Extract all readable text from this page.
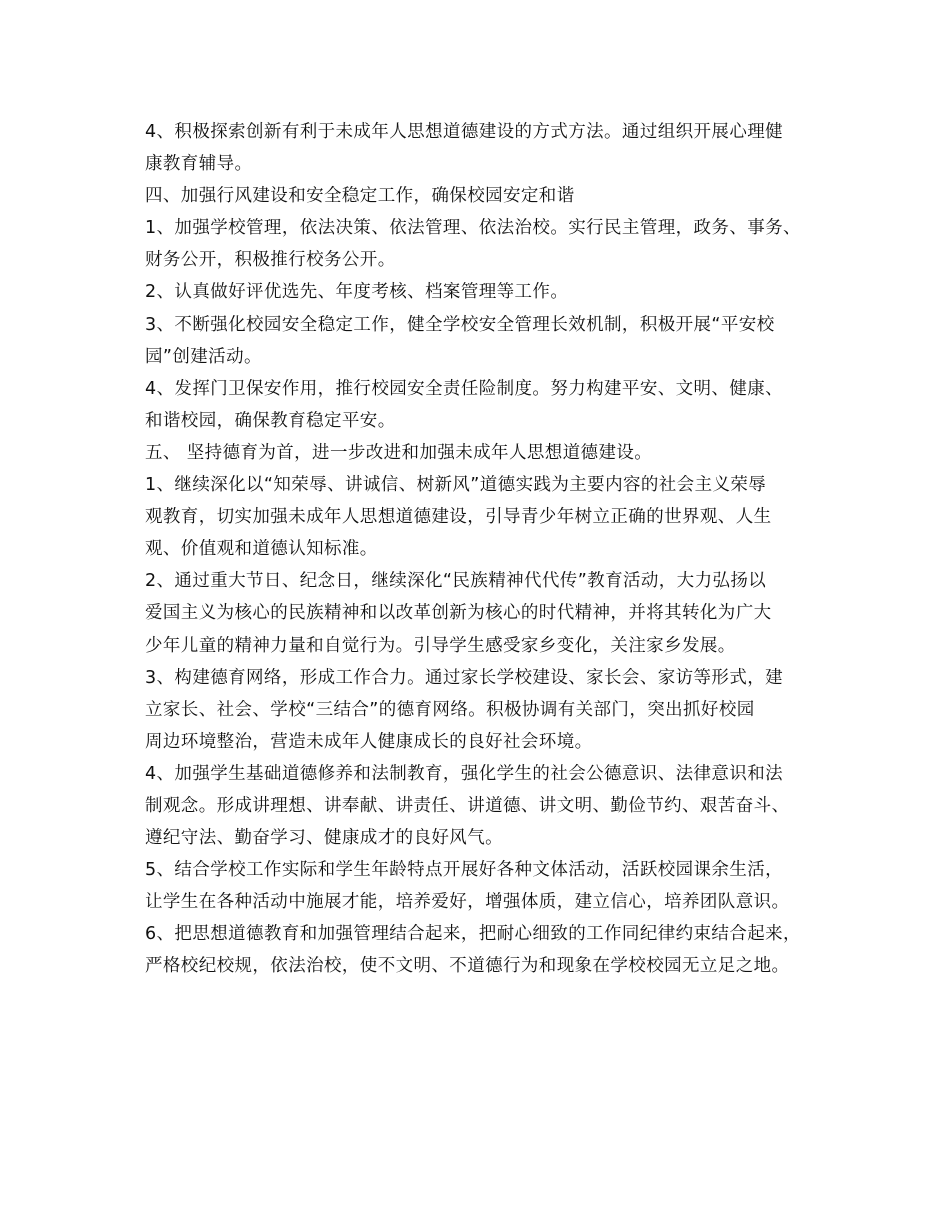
4、积极探索创新有利于未成年人思想道德建设的方式方法。通过组织开展心理健
康教育辅导。
四、加强行风建设和安全稳定工作，确保校园安定和谐
1、加强学校管理，依法决策、依法管理、依法治校。实行民主管理，政务、事务、
财务公开，积极推行校务公开。
2、认真做好评优选先、年度考核、档案管理等工作。
3、不断强化校园安全稳定工作，健全学校安全管理长效机制，积极开展“平安校
园”创建活动。
4、发挥门卫保安作用，推行校园安全责任险制度。努力构建平安、文明、健康、
和谐校园，确保教育稳定平安。
五、 坚持德育为首，进一步改进和加强未成年人思想道德建设。
1、继续深化以“知荣辱、讲诚信、树新风”道德实践为主要内容的社会主义荣辱
观教育，切实加强未成年人思想道德建设，引导青少年树立正确的世界观、人生
观、价值观和道德认知标准。
2、通过重大节日、纪念日，继续深化“民族精神代代传”教育活动，大力弘扬以
爱国主义为核心的民族精神和以改革创新为核心的时代精神，并将其转化为广大
少年儿童的精神力量和自觉行为。引导学生感受家乡变化，关注家乡发展。
3、构建德育网络，形成工作合力。通过家长学校建设、家长会、家访等形式，建
立家长、社会、学校“三结合”的德育网络。积极协调有关部门，突出抓好校园
周边环境整治，营造未成年人健康成长的良好社会环境。
4、加强学生基础道德修养和法制教育，强化学生的社会公德意识、法律意识和法
制观念。形成讲理想、讲奉献、讲责任、讲道德、讲文明、勤俭节约、艰苦奋斗、
遵纪守法、勤奋学习、健康成才的良好风气。
5、结合学校工作实际和学生年龄特点开展好各种文体活动，活跃校园课余生活，
让学生在各种活动中施展才能，培养爱好，增强体质，建立信心，培养团队意识。
6、把思想道德教育和加强管理结合起来，把耐心细致的工作同纪律约束结合起来，
严格校纪校规，依法治校，使不文明、不道德行为和现象在学校校园无立足之地。
